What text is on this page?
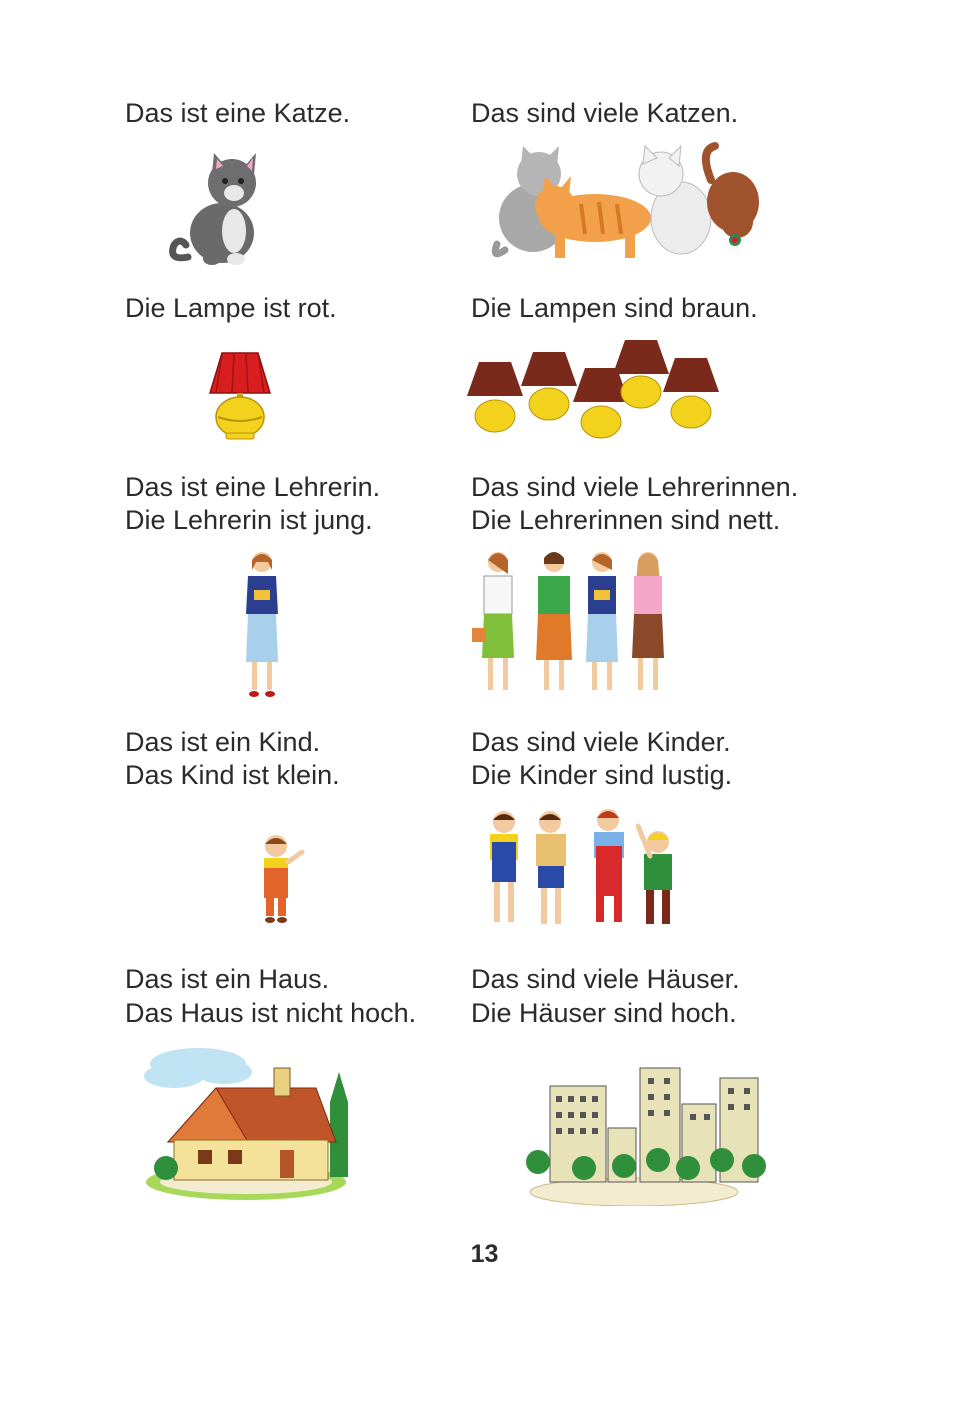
Das ist eine Katze.	Das sind viele Katzen.

Die Lampe ist rot.	Die Lampen sind braun.

Das ist eine Lehrerin.

Die Lehrerin ist jung.

Das sind viele Lehrerinnen.

Die Lehrerinnen sind nett.

Das ist ein Kind.

Das Kind ist klein.

Das sind viele Kinder.

Die Kinder sind lustig.

Das ist ein Haus.

Das Haus ist nicht hoch.

Das sind viele Häuser.

Die Häuser sind hoch.

13
